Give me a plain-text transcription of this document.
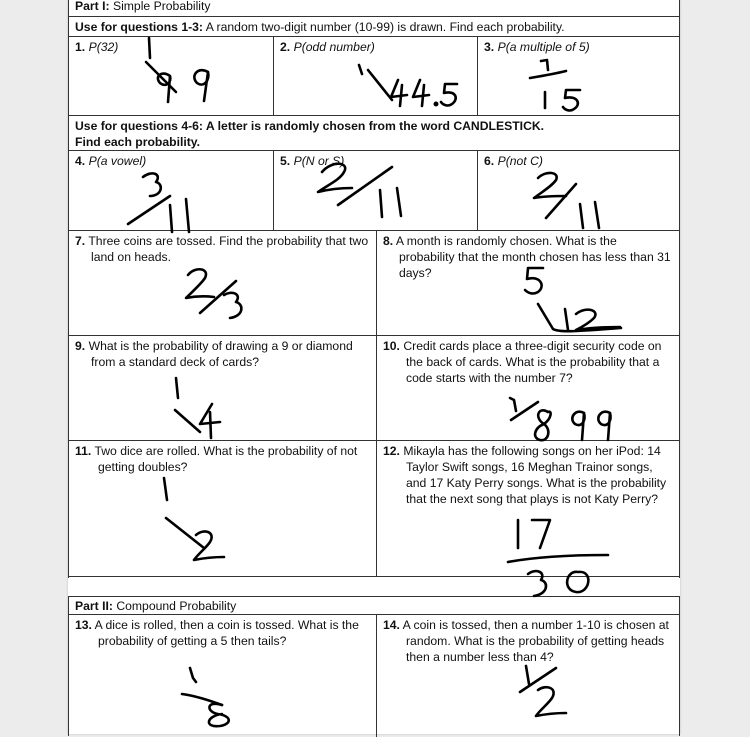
Part I: Simple Probability
Use for questions 1-3: A random two-digit number (10-99) is drawn. Find each probability.
1. P(32)	2. P(odd number)	3. P(a multiple of 5)
Use for questions 4-6: A letter is randomly chosen from the word CANDLESTICK.
Find each probability.
4. P(a vowel)	5. P(N or S)	6. P(not C)
7. Three coins are tossed. Find the probability that two land on heads.
8. A month is randomly chosen. What is the probability that the month chosen has less than 31 days?
9. What is the probability of drawing a 9 or diamond from a standard deck of cards?
10. Credit cards place a three-digit security code on the back of cards. What is the probability that a code starts with the number 7?
11. Two dice are rolled. What is the probability of not getting doubles?
12. Mikayla has the following songs on her iPod: 14 Taylor Swift songs, 16 Meghan Trainor songs, and 17 Katy Perry songs. What is the probability that the next song that plays is not Katy Perry?
Part II: Compound Probability
13. A dice is rolled, then a coin is tossed. What is the probability of getting a 5 then tails?
14. A coin is tossed, then a number 1-10 is chosen at random. What is the probability of getting heads then a number less than 4?
